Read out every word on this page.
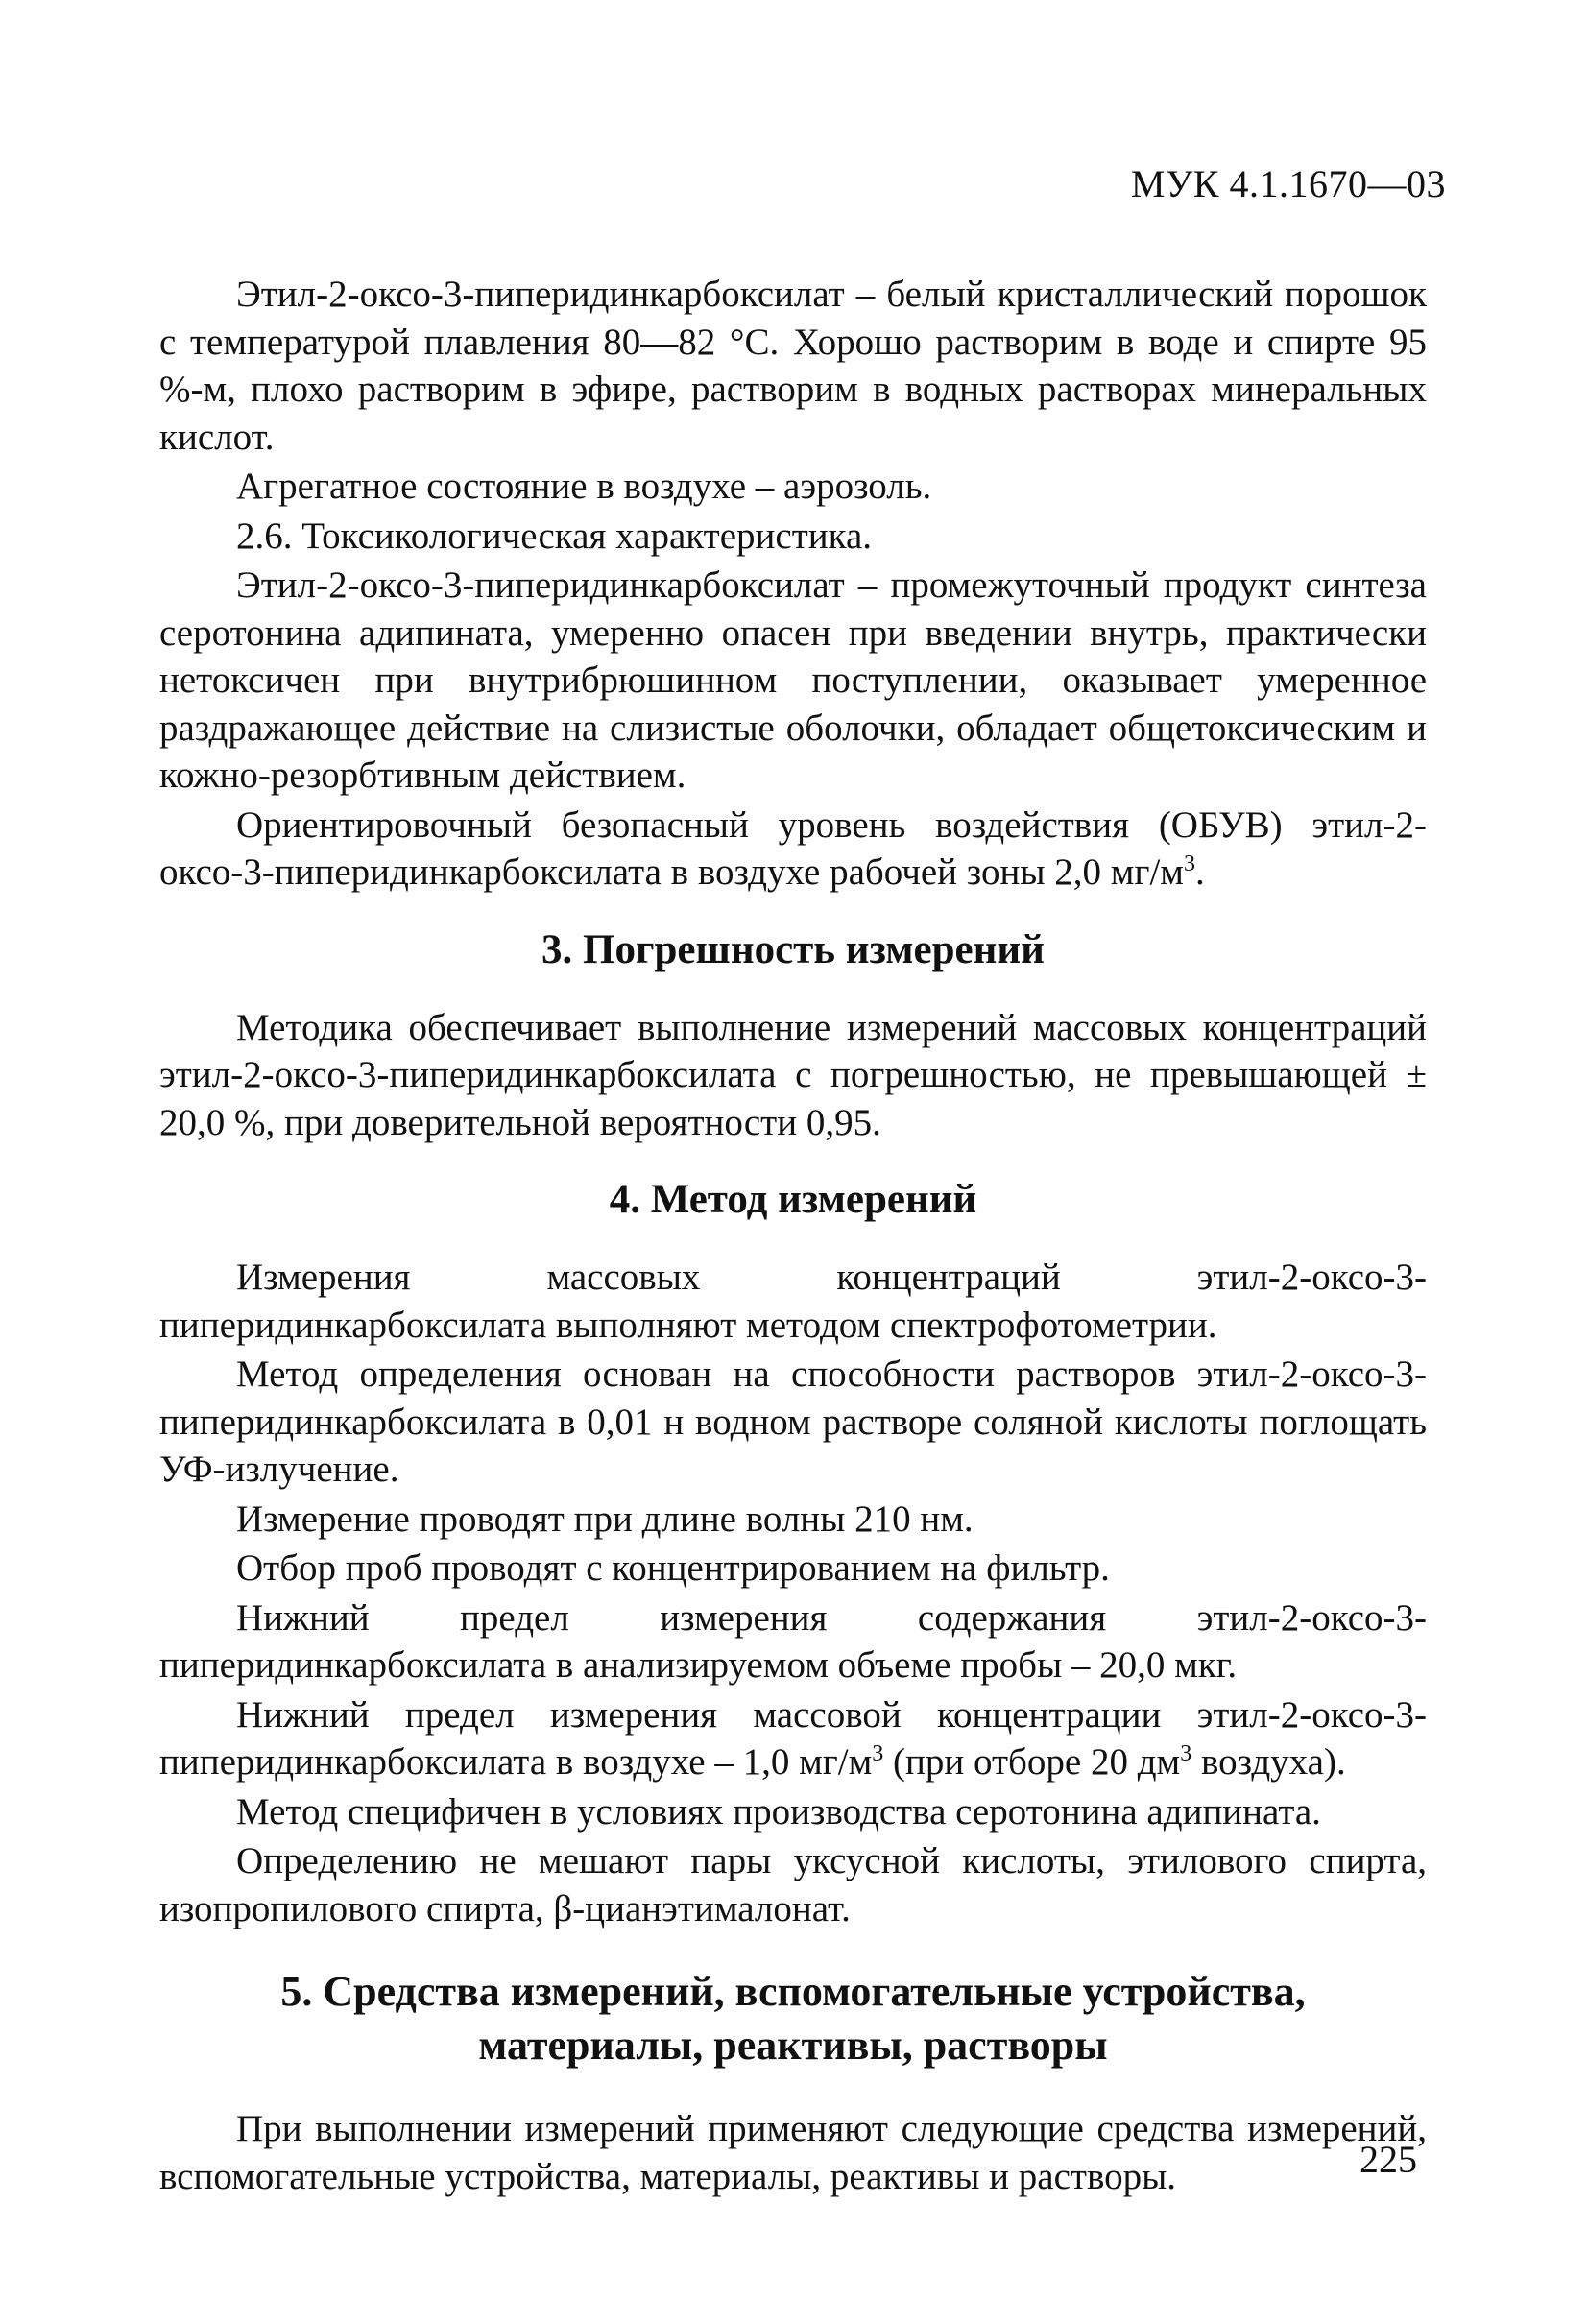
МУК 4.1.1670—03

Этил-2-оксо-3-пиперидинкарбоксилат – белый кристаллический порошок с температурой плавления 80—82 °С. Хорошо растворим в воде и спирте 95 %-м, плохо растворим в эфире, растворим в водных растворах минеральных кислот.

Агрегатное состояние в воздухе – аэрозоль.

2.6. Токсикологическая характеристика.

Этил-2-оксо-3-пиперидинкарбоксилат – промежуточный продукт синтеза серотонина адипината, умеренно опасен при введении внутрь, практически нетоксичен при внутрибрюшинном поступлении, оказывает умеренное раздражающее действие на слизистые оболочки, обладает общетоксическим и кожно-резорбтивным действием.

Ориентировочный безопасный уровень воздействия (ОБУВ) этил-2-оксо-3-пиперидинкарбоксилата в воздухе рабочей зоны 2,0 $мг/м^3$.

3. Погрешность измерений

Методика обеспечивает выполнение измерений массовых концентраций этил-2-оксо-3-пиперидинкарбоксилата с погрешностью, не превышающей ± 20,0 %, при доверительной вероятности 0,95.

4. Метод измерений

Измерения массовых концентраций этил-2-оксо-3-пиперидинкарбоксилата выполняют методом спектрофотометрии.

Метод определения основан на способности растворов этил-2-оксо-3-пиперидинкарбоксилата в 0,01 н водном растворе соляной кислоты поглощать УФ-излучение.

Измерение проводят при длине волны 210 нм.

Отбор проб проводят с концентрированием на фильтр.

Нижний предел измерения содержания этил-2-оксо-3-пиперидинкарбоксилата в анализируемом объеме пробы – 20,0 мкг.

Нижний предел измерения массовой концентрации этил-2-оксо-3-пиперидинкарбоксилата в воздухе – 1,0 $мг/м^3$ (при отборе 20 $дм^3$ воздуха).

Метод специфичен в условиях производства серотонина адипината.

Определению не мешают пары уксусной кислоты, этилового спирта, изопропилового спирта, β-цианэтималонат.

5. Средства измерений, вспомогательные устройства,
материалы, реактивы, растворы

При выполнении измерений применяют следующие средства измерений, вспомогательные устройства, материалы, реактивы и растворы.	225
